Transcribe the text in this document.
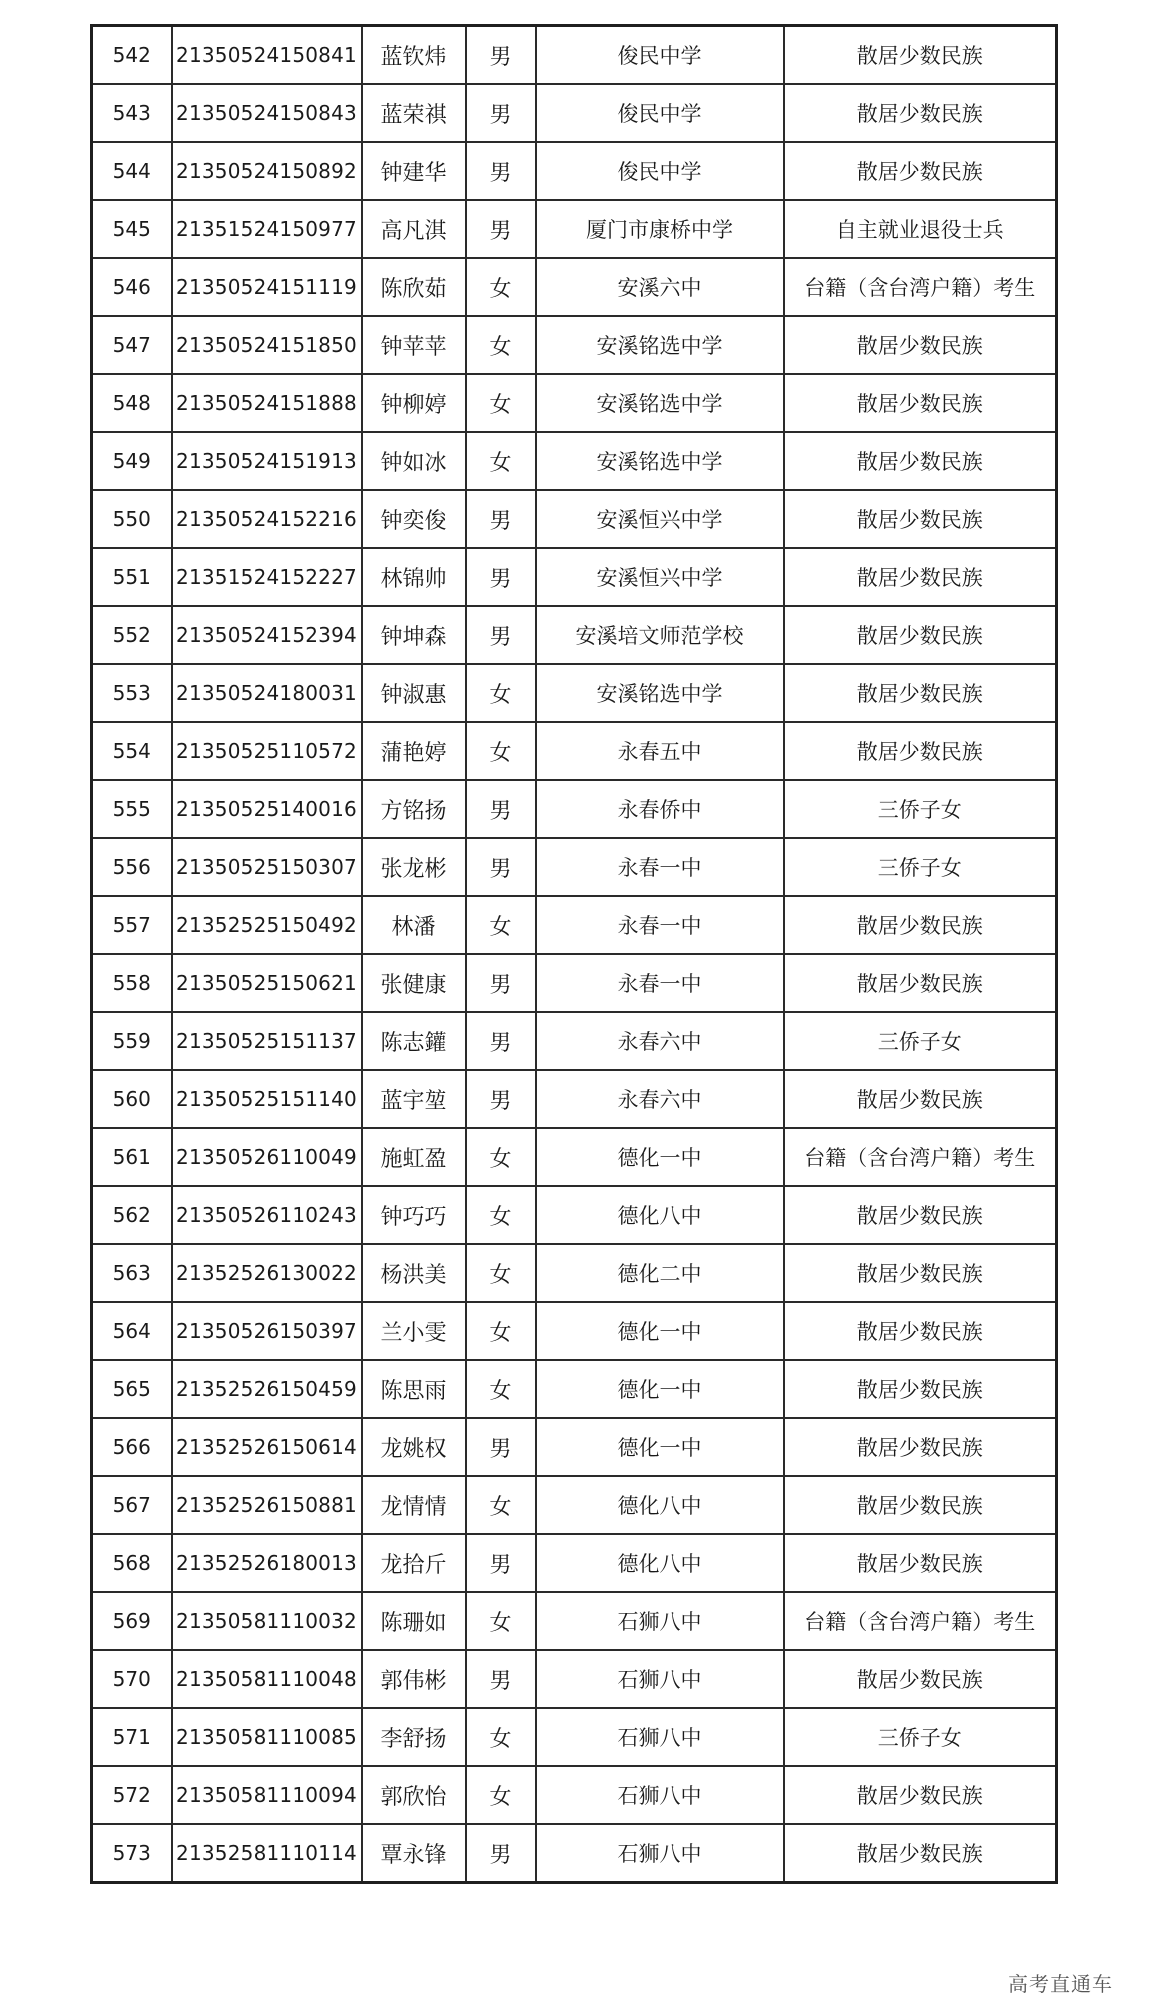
542	21350524150841	蓝钦炜	男	俊民中学	散居少数民族
543	21350524150843	蓝荣祺	男	俊民中学	散居少数民族
544	21350524150892	钟建华	男	俊民中学	散居少数民族
545	21351524150977	高凡淇	男	厦门市康桥中学	自主就业退役士兵
546	21350524151119	陈欣茹	女	安溪六中	台籍（含台湾户籍）考生
547	21350524151850	钟苹苹	女	安溪铭选中学	散居少数民族
548	21350524151888	钟柳婷	女	安溪铭选中学	散居少数民族
549	21350524151913	钟如冰	女	安溪铭选中学	散居少数民族
550	21350524152216	钟奕俊	男	安溪恒兴中学	散居少数民族
551	21351524152227	林锦帅	男	安溪恒兴中学	散居少数民族
552	21350524152394	钟坤森	男	安溪培文师范学校	散居少数民族
553	21350524180031	钟淑惠	女	安溪铭选中学	散居少数民族
554	21350525110572	蒲艳婷	女	永春五中	散居少数民族
555	21350525140016	方铭扬	男	永春侨中	三侨子女
556	21350525150307	张龙彬	男	永春一中	三侨子女
557	21352525150492	林潘	女	永春一中	散居少数民族
558	21350525150621	张健康	男	永春一中	散居少数民族
559	21350525151137	陈志鑵	男	永春六中	三侨子女
560	21350525151140	蓝宇堃	男	永春六中	散居少数民族
561	21350526110049	施虹盈	女	德化一中	台籍（含台湾户籍）考生
562	21350526110243	钟巧巧	女	德化八中	散居少数民族
563	21352526130022	杨洪美	女	德化二中	散居少数民族
564	21350526150397	兰小雯	女	德化一中	散居少数民族
565	21352526150459	陈思雨	女	德化一中	散居少数民族
566	21352526150614	龙姚权	男	德化一中	散居少数民族
567	21352526150881	龙情情	女	德化八中	散居少数民族
568	21352526180013	龙拾斤	男	德化八中	散居少数民族
569	21350581110032	陈珊如	女	石狮八中	台籍（含台湾户籍）考生
570	21350581110048	郭伟彬	男	石狮八中	散居少数民族
571	21350581110085	李舒扬	女	石狮八中	三侨子女
572	21350581110094	郭欣怡	女	石狮八中	散居少数民族
573	21352581110114	覃永锋	男	石狮八中	散居少数民族
高考直通车
